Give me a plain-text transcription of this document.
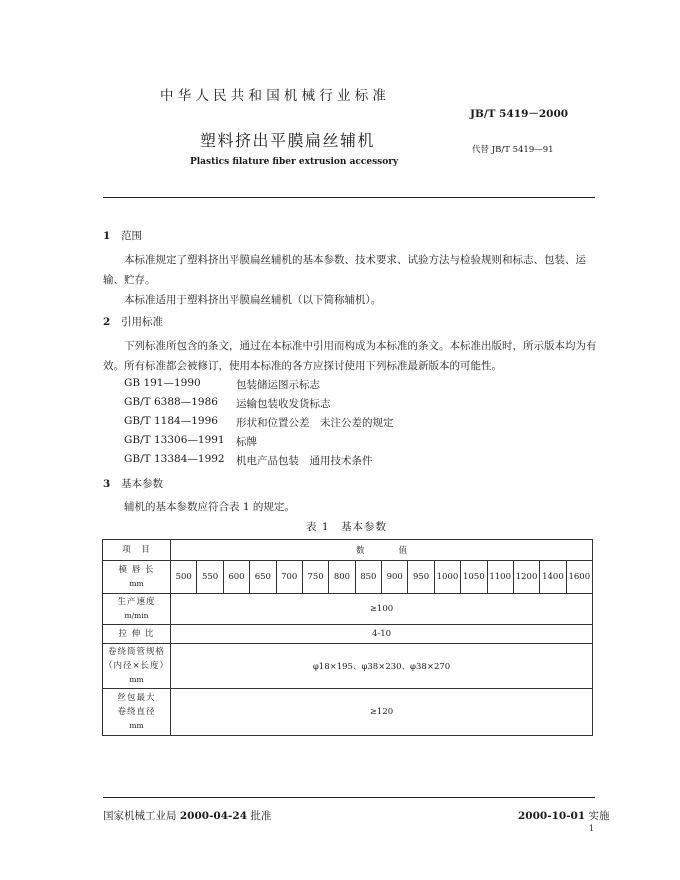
中华人民共和国机械行业标准
JB/T 5419－2000
塑料挤出平膜扁丝辅机	代替 JB/T 5419—91
Plastics filature fiber extrusion accessory
1 范围
本标准规定了塑料挤出平膜扁丝辅机的基本参数、技术要求、试验方法与检验规则和标志、包装、运输、贮存。
本标准适用于塑料挤出平膜扁丝辅机（以下简称辅机）。
2 引用标准
下列标准所包含的条文，通过在本标准中引用而构成为本标准的条文。本标准出版时，所示版本均为有效。所有标准都会被修订，使用本标准的各方应探讨使用下列标准最新版本的可能性。
GB 191—1990	包装储运图示标志
GB/T 6388—1986 运输包装收发货标志
GB/T 1184—1996 形状和位置公差　未注公差的规定
GB/T 13306—1991 标牌
GB/T 13384—1992 机电产品包装　通用技术条件
3 基本参数
辅机的基本参数应符合表 1 的规定。
表 1　基本参数
项　目	数　　　　值															
模 唇 长
mm	500	550	600	650	700	750	800	850	900	950	1000	1050	1100	1200	1400	1600
生产速度
m/min	≥100															
拉 伸 比	4-10															

卷绕筒管规格
（内径×长度）
mm	φ18×195、φ38×230、φ38×270															

丝包最大
卷绕直径
mm	≥120															
国家机械工业局 2000-04-24 批准	2000-10-01 实施
1
